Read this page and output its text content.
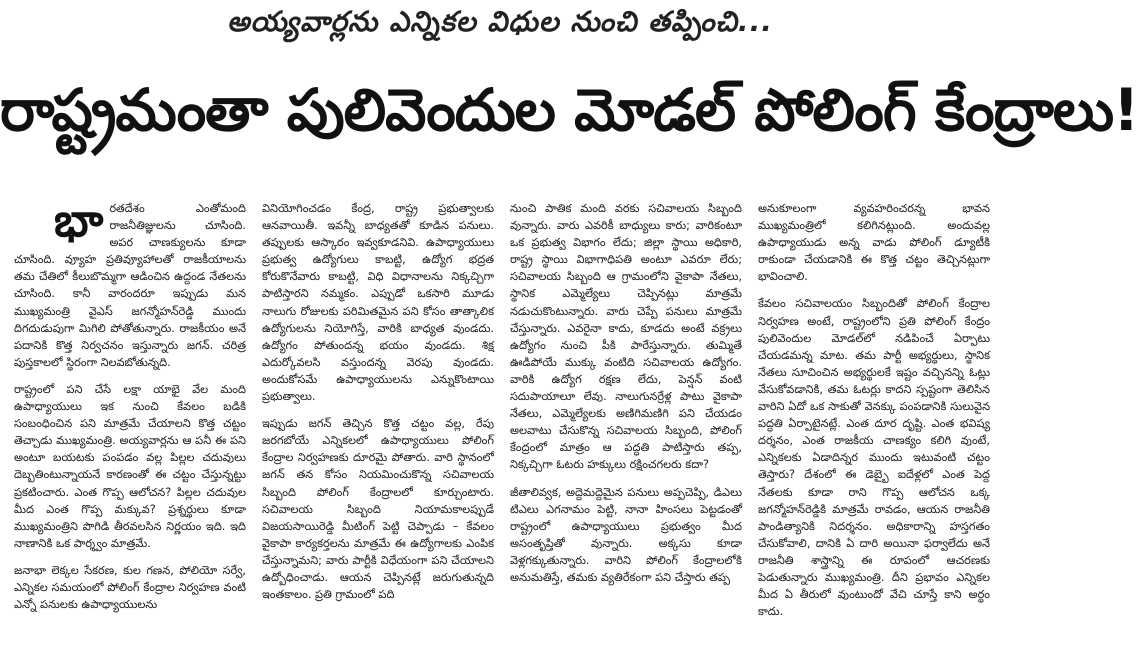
అయ్యవార్లను ఎన్నికల విధుల నుంచి తప్పించి...
రాష్ట్రమంతా పులివెందుల మోడల్ పోలింగ్ కేంద్రాలు!

భారతదేశం ఎంతోమంది రాజనీతిజ్ఞులను చూసింది. అపర చాణక్యులను కూడా చూసింది. వ్యూహ ప్రతివ్యూహాలతో రాజకీయాలను తమ చేతిలో కీలుబొమ్మగా ఆడించిన ఉద్దండ నేతలను చూసింది. కానీ వారందరూ ఇప్పుడు మన ముఖ్యమంత్రి వైఎస్ జగన్మోహన్‌రెడ్డి ముందు దిగదుడుపుగా మిగిలి పోతోతున్నారు. రాజకీయం అనే పదానికి కొత్త నిర్వచనం ఇస్తున్నారు జగన్. చరిత్ర పుస్తకాలలో స్థిరంగా నిలవబోతున్నది.

రాష్ట్రంలో పని చేసే లక్షా యాభై వేల మంది ఉపాధ్యాయులు ఇక నుంచి కేవలం బడికి సంబంధించిన పని మాత్రమే చేయాలని కొత్త చట్టం తెచ్చాడు ముఖ్యమంత్రి. అయ్యవార్లను ఆ పనీ ఈ పని అంటూ బయటకు పంపడం వల్ల పిల్లల చదువులు దెబ్బతింటున్నాయనే కారణంతో ఈ చట్టం చేస్తున్నట్టు ప్రకటించారు. ఎంత గొప్ప ఆలోచన? పిల్లల చదువుల మీద ఎంత గొప్ప మక్కువ? ప్రశ్నర్థులు కూడా ముఖ్యమంత్రిని పొగిడి తీరవలసిన నిర్ణయం ఇది. ఇది నాణానికి ఒక పార్శ్వం మాత్రమే.

జనాభా లెక్కల సేకరణ, కుల గణన, పోలియో సర్వే, ఎన్నికల సమయంలో పోలింగ్ కేంద్రాల నిర్వహణ వంటి ఎన్నో పనులకు ఉపాధ్యాయులను

వినియోగించడం కేంద్ర, రాష్ట్ర ప్రభుత్వాలకు ఆనవాయితీ. ఇవన్నీ బాధ్యతతో కూడిన పనులు. తప్పులకు ఆస్కారం ఇవ్వకూడనివి. ఉపాధ్యాయులు ప్రభుత్వ ఉద్యోగులు కాబట్టి, ఉద్యోగ భద్రత కోరుకొనేవారు కాబట్టి, విధి విధానాలను నిక్కచ్చిగా పాటిస్తారని నమ్మకం. ఎప్పుడో ఒకసారి మూడు నాలుగు రోజులకు పరిమితమైన పని కోసం తాత్కాలిక ఉద్యోగులను నియోగిస్తే, వారికి బాధ్యత వుండదు. ఉద్యోగం పోతుందన్న భయం వుండదు. శిక్ష ఎదుర్కోవలసి వస్తుందన్న వెరపు వుండదు. అందుకోసమే ఉపాధ్యాయులను ఎన్నుకొంటాయి ప్రభుత్వాలు.

ఇప్పుడు జగన్ తెచ్చిన కొత్త చట్టం వల్ల, రేపు జరగబోయే ఎన్నికలలో ఉపాధ్యాయులు పోలింగ్ కేంద్రాల నిర్వహణకు దూరమై పోతారు. వారి స్థానంలో జగన్ తన కోసం నియమించుకొన్న సచివాలయ సిబ్బంది పోలింగ్ కేంద్రాలలో కూర్చుంటారు. సచివాలయ సిబ్బంది నియామకాలప్పుడే విజయసాయిరెడ్డి మీటింగ్ పెట్టి చెప్పాడు – కేవలం వైకాపా కార్యకర్తలను మాత్రమే ఈ ఉద్యోగాలకు ఎంపిక చేస్తున్నామని; వారు పార్టీకి విధేయంగా పని చేయాలని ఉద్బోధించాడు. ఆయన చెప్పినట్లే జరుగుతున్నది ఇంతకాలం. ప్రతి గ్రామంలో పది

నుంచి పాతిక మంది వరకు సచివాలయ సిబ్బంది వున్నారు. వారు ఎవరికీ బాధ్యులు కారు; వారికంటూ ఒక ప్రభుత్వ విభాగం లేదు; జిల్లా స్థాయి అధికారి, రాష్ట్ర స్థాయి విభాగాధిపతి అంటూ ఎవరూ లేరు; సచివాలయ సిబ్బంది ఆ గ్రామంలోని వైకాపా నేతలు, స్థానిక ఎమ్మెల్యేలు చెప్పినట్లు మాత్రమే నడుచుకొంటున్నారు. వారు చెప్పే పనులు మాత్రమే చేస్తున్నారు. ఎవరైనా కాదు, కూడదు అంటే వక్ర్రలు ఉద్యోగం నుంచి పీకి పారేస్తున్నారు. తుమ్మితే ఊడిపోయే ముక్కు వంటిది సచివాలయ ఉద్యోగం. వారికి ఉద్యోగ రక్షణ లేదు, పెన్షన్ వంటి సదుపాయాలూ లేవు. నాలుగునర్రేళ్ల పాటు వైకాపా నేతలు, ఎమ్మెల్యేలకు అణిగిమణిగి పని చేయడం అలవాటు చేసుకొన్న సచివాలయ సిబ్బంది, పోలింగ్ కేంద్రంలో మాత్రం ఆ పద్ధతి పాటిస్తారు తప్ప, నిక్కచ్చిగా ఓటరు హక్కులు రక్షించగలరు కదా?

జీతాలివ్వక, అద్దెమద్దెమైన పనులు అప్పచెప్పి, డిఎలు టిఎలు ఎగనామం పెట్టి, నానా హింసలు పెట్టడంతో రాష్ట్రంలో ఉపాధ్యాయులు ప్రభుత్వం మీద అసంతృప్తితో వున్నారు. అక్కసు కూడా వెళ్లగక్కుతున్నారు. వారిని పోలింగ్ కేంద్రాలలోకి అనుమతిస్తే, తమకు వ్యతిరేకంగా పని చేస్తారు తప్ప

అనుకూలంగా వ్యవహరించరన్న భావన ముఖ్యమంత్రిలో కలిగినట్లుంది. అందువల్ల ఉపాధ్యాయుడు అన్న వాడు పోలింగ్ డ్యూటీకి రాకుండా చేయడానికి ఈ కొత్త చట్టం తెచ్చినట్లుగా భావించాలి.

కేవలం సచివాలయం సిబ్బందితో పోలింగ్ కేంద్రాల నిర్వహణ అంటే, రాష్ట్రంలోని ప్రతి పోలింగ్ కేంద్రం పులివెందుల మోడల్‌లో నడిపించే ఏర్పాటు చేయడమన్న మాట. తమ పార్టీ అభ్యర్థులు, స్థానిక నేతలు సూచించిన అభ్యర్థులకే ఇష్టం వచ్చినన్ని ఓట్లు వేసుకోవడానికి, తమ ఓటర్లు కాదని స్పష్టంగా తెలిసిన వారిని ఏదో ఒక సాకుతో వెనక్కు పంపడానికి సులువైన పద్ధతి ఏర్పాటైనట్లే. ఎంత దూర దృష్టి. ఎంత భవిష్య దర్శనం, ఎంత రాజకీయ చాణక్యం కలిగి వుంటే, ఎన్నికలకు ఏడాదిన్నర ముందు ఇటువంటి చట్టం తెస్తారు? దేశంలో ఈ డెబ్బై ఐదేళ్లలో ఎంత పెద్ద నేతలకు కూడా రాని గొప్ప ఆలోచన ఒక్క జగన్మోహన్‌రెడ్డికి మాత్రమే రావడం, ఆయన రాజనీతి పాండిత్యానికి నిదర్శనం. అధికారాన్ని హస్తగతం చేసుకోవాలి, దానికి ఏ దారి అయినా ఫర్వాలేదు అనే రాజనీతి శాస్త్రాన్ని ఈ రూపంలో ఆచరణకు పెడుతున్నారు ముఖ్యమంత్రి. దీని ప్రభావం ఎన్నికల మీద ఏ తీరులో వుంటుందో వేచి చూస్తే కాని అర్థం కాదు.
